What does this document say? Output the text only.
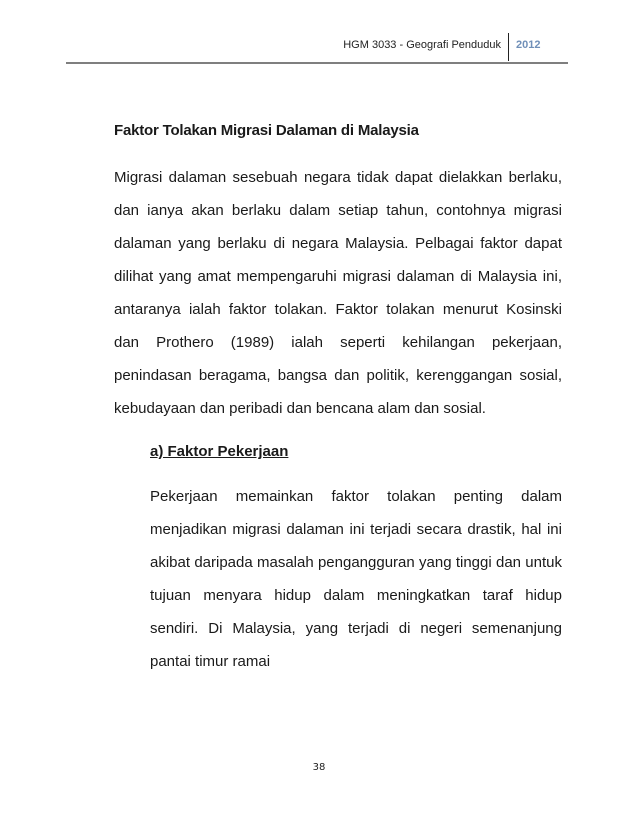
HGM 3033 - Geografi Penduduk 2012
Faktor Tolakan Migrasi Dalaman di Malaysia

Migrasi dalaman sesebuah negara tidak dapat dielakkan berlaku, dan ianya akan berlaku dalam setiap tahun, contohnya migrasi dalaman yang berlaku di negara Malaysia. Pelbagai faktor dapat dilihat yang amat mempengaruhi migrasi dalaman di Malaysia ini, antaranya ialah faktor tolakan. Faktor tolakan menurut Kosinski dan Prothero (1989) ialah seperti kehilangan pekerjaan, penindasan beragama, bangsa dan politik, kerenggangan sosial, kebudayaan dan peribadi dan bencana alam dan sosial.

a) Faktor Pekerjaan

Pekerjaan memainkan faktor tolakan penting dalam menjadikan migrasi dalaman ini terjadi secara drastik, hal ini akibat daripada masalah pengangguran yang tinggi dan untuk tujuan menyara hidup dalam meningkatkan taraf hidup sendiri. Di Malaysia, yang terjadi di negeri semenanjung pantai timur ramai

38
